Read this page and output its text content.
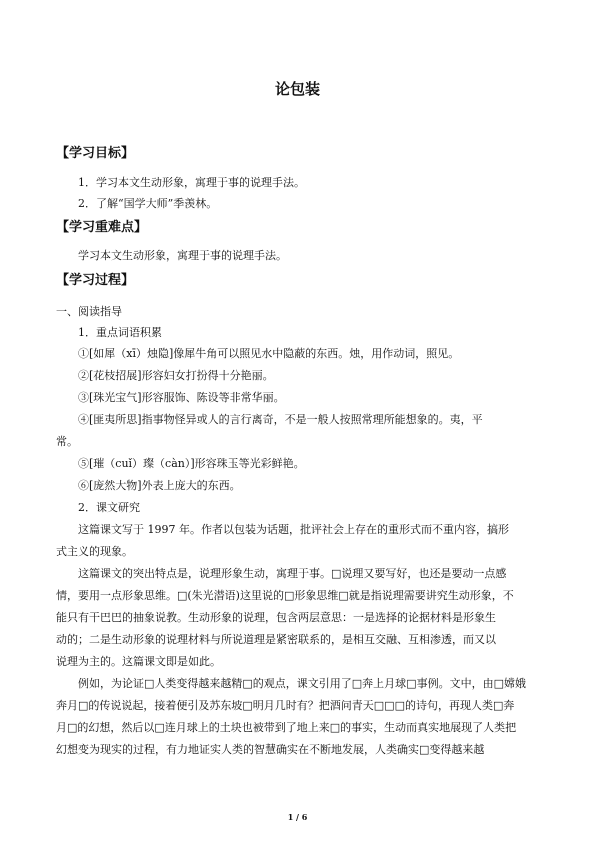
论包装
【学习目标】
1．学习本文生动形象，寓理于事的说理手法。
2．了解“国学大师”季羡林。
【学习重难点】
学习本文生动形象，寓理于事的说理手法。
【学习过程】
一、阅读指导
1．重点词语积累
①[如犀（xī）烛隐]像犀牛角可以照见水中隐蔽的东西。烛，用作动词，照见。
②[花枝招展]形容妇女打扮得十分艳丽。
③[珠光宝气]形容服饰、陈设等非常华丽。
④[匪夷所思]指事物怪异或人的言行离奇，不是一般人按照常理所能想象的。夷，平
常。
⑤[璀（cuǐ）璨（càn）]形容珠玉等光彩鲜艳。
⑥[庞然大物]外表上庞大的东西。
2．课文研究
这篇课文写于 1997 年。作者以包装为话题，批评社会上存在的重形式而不重内容，搞形
式主义的现象。
这篇课文的突出特点是，说理形象生动，寓理于事。□说理又要写好，也还是要动一点感
情，要用一点形象思维。□(朱光潜语)这里说的□形象思维□就是指说理需要讲究生动形象，不
能只有干巴巴的抽象说教。生动形象的说理，包含两层意思：一是选择的论据材料是形象生
动的；二是生动形象的说理材料与所说道理是紧密联系的，是相互交融、互相渗透，而又以
说理为主的。这篇课文即是如此。
例如，为论证□人类变得越来越精□的观点，课文引用了□奔上月球□事例。文中，由□嫦娥
奔月□的传说说起，接着便引及苏东坡□明月几时有？把酒问青天□□□的诗句，再现人类□奔
月□的幻想，然后以□连月球上的土块也被带到了地上来□的事实，生动而真实地展现了人类把
幻想变为现实的过程，有力地证实人类的智慧确实在不断地发展，人类确实□变得越来越
1 / 6
